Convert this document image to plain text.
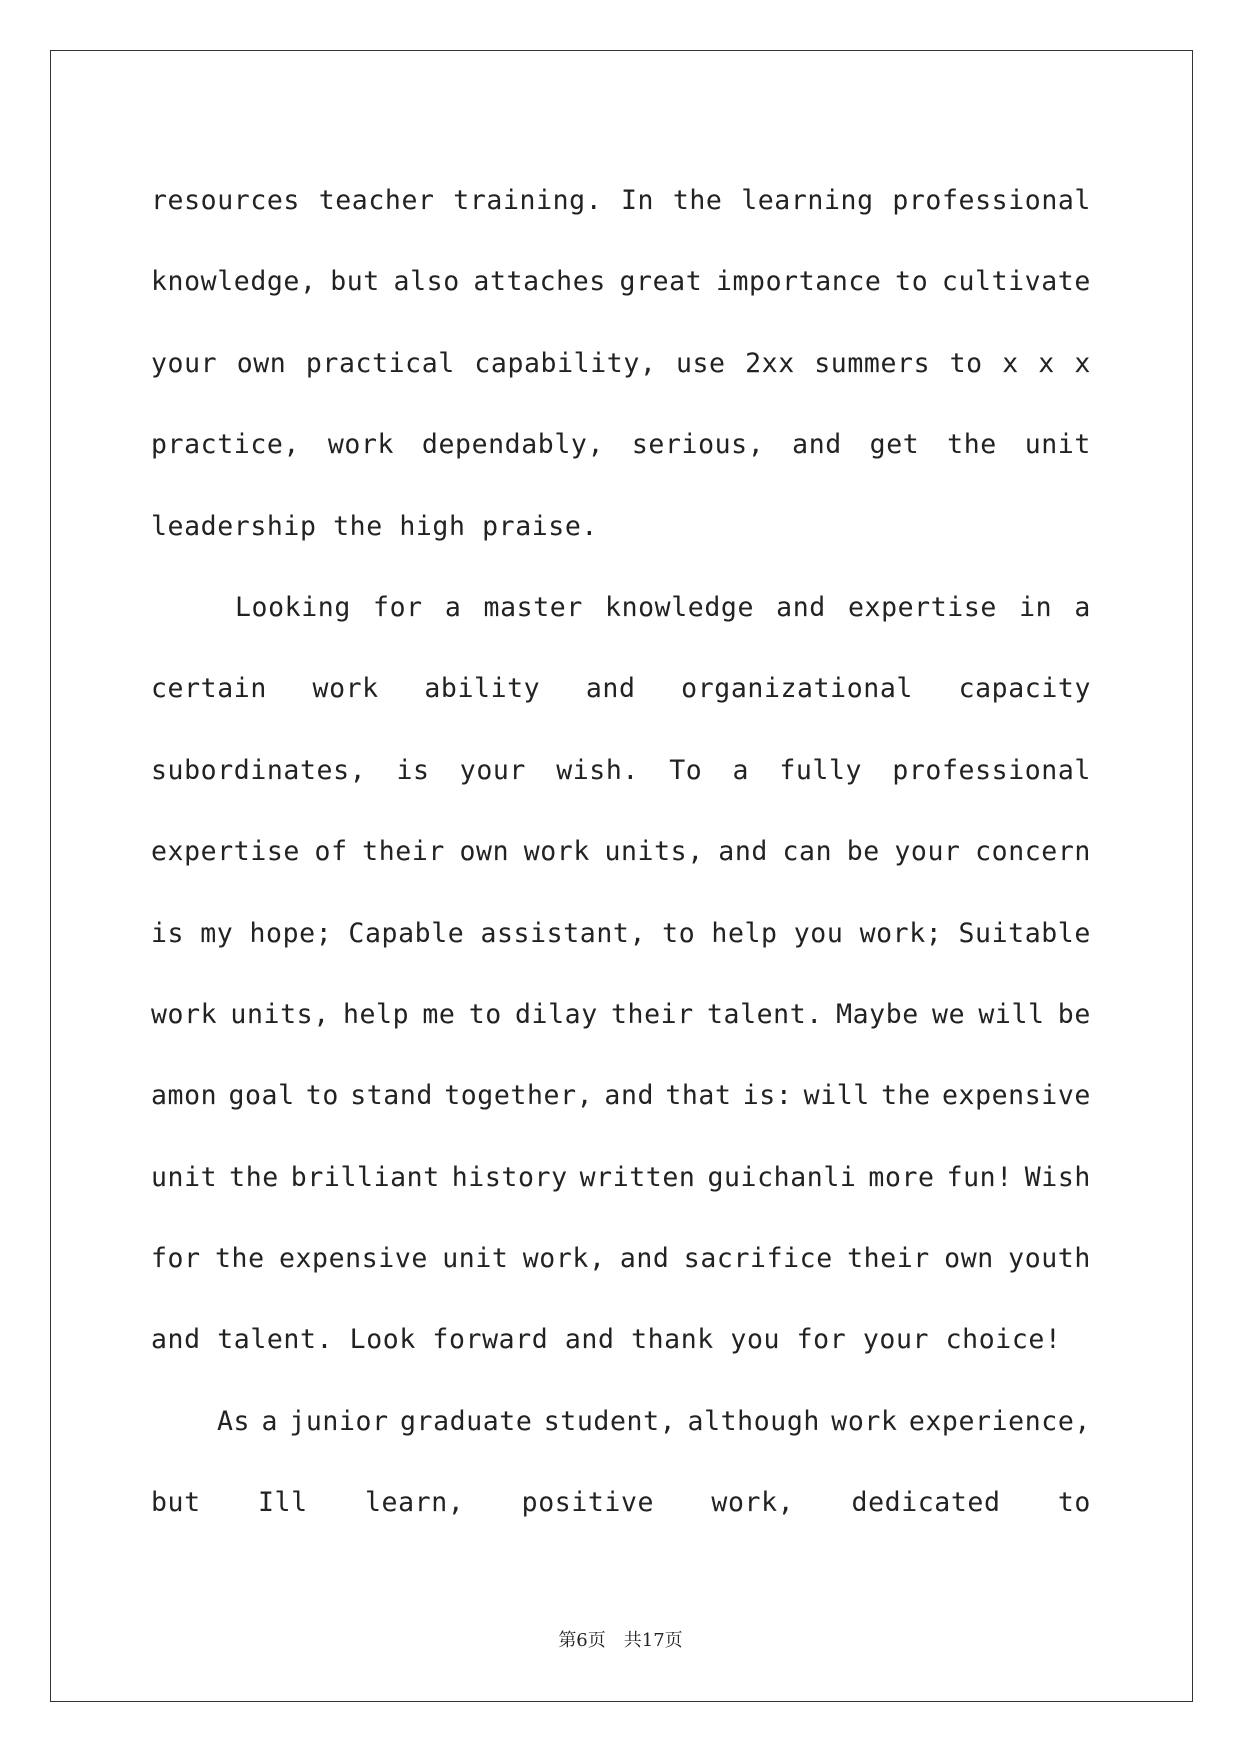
resources teacher training. In the learning professional
knowledge, but also attaches great importance to cultivate
your own practical capability, use 2xx summers to x x x
practice, work dependably, serious, and get the unit
leadership the high praise.
Looking for a master knowledge and expertise in a
certain work ability and organizational capacity
subordinates, is your wish. To a fully professional
expertise of their own work units, and can be your concern
is my hope; Capable assistant, to help you work; Suitable
work units, help me to dilay their talent. Maybe we will be
amon goal to stand together, and that is: will the expensive
unit the brilliant history written guichanli more fun! Wish
for the expensive unit work, and sacrifice their own youth
and talent. Look forward and thank you for your choice!
As a junior graduate student, although work experience,
but Ill learn, positive work, dedicated to
第6页 共17页
